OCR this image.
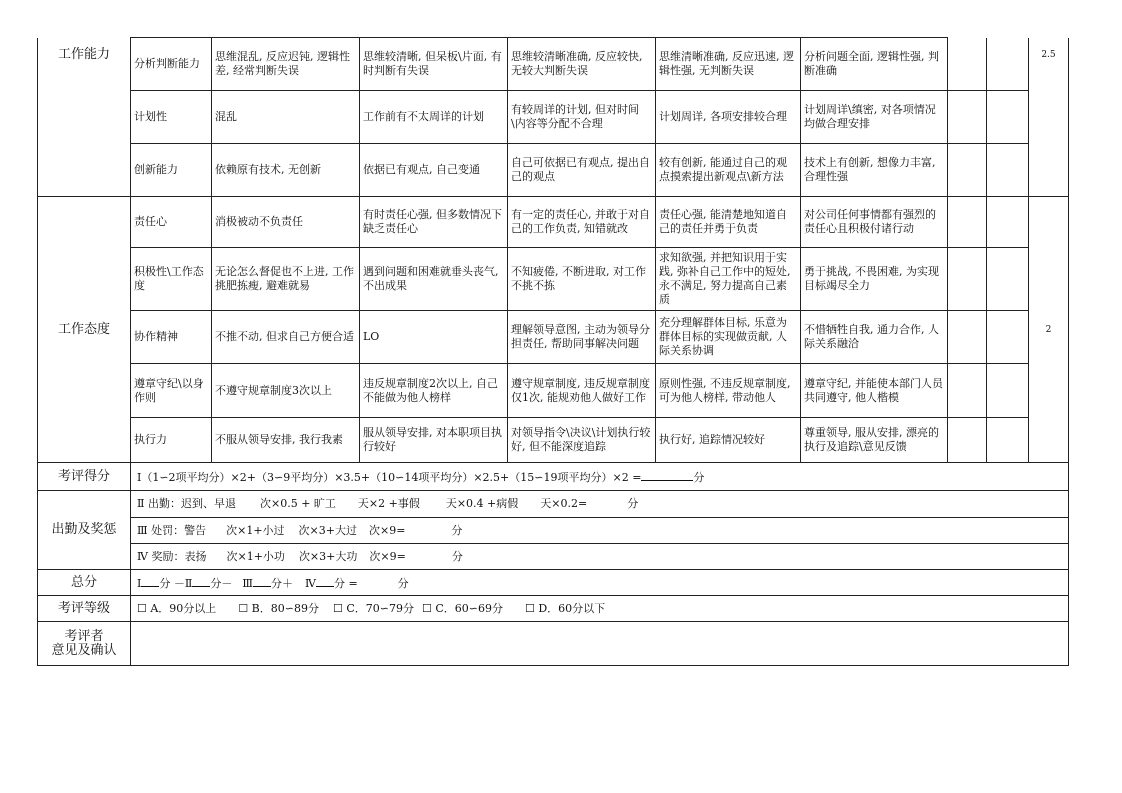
工作能力	分析判断能力	思维混乱, 反应迟钝, 逻辑性差, 经常判断失误	思维较清晰, 但呆板\片面, 有时判断有失误	思维较清晰准确, 反应较快, 无较大判断失误	思维清晰准确, 反应迅速, 逻辑性强, 无判断失误	分析问题全面, 逻辑性强, 判断准确			2.5
	计划性	混乱	工作前有不太周详的计划	有较周详的计划, 但对时间\内容等分配不合理	计划周详, 各项安排较合理	计划周详\缜密, 对各项情况均做合理安排			
	创新能力	依赖原有技术, 无创新	依据已有观点, 自己变通	自己可依据已有观点, 提出自己的观点	较有创新, 能通过自己的观点摸索提出新观点\新方法	技术上有创新, 想像力丰富, 合理性强			
工作态度	责任心	消极被动不负责任	有时责任心强, 但多数情况下缺乏责任心	有一定的责任心, 并敢于对自己的工作负责, 知错就改	责任心强, 能清楚地知道自己的责任并勇于负责	对公司任何事情都有强烈的责任心且积极付诸行动			2
	积极性\工作态度	无论怎么督促也不上进, 工作挑肥拣瘦, 避难就易	遇到问题和困难就垂头丧气, 不出成果	不知疲倦, 不断进取, 对工作不挑不拣	求知欲强, 并把知识用于实践, 弥补自己工作中的短处, 永不满足, 努力提高自己素质	勇于挑战, 不畏困难, 为实现目标竭尽全力			
	协作精神	不推不动, 但求自己方便合适	LO	理解领导意图, 主动为领导分担责任, 帮助同事解决问题	充分理解群体目标, 乐意为群体目标的实现做贡献, 人际关系协调	不惜牺牲自我, 通力合作, 人际关系融洽			
	遵章守纪\以身作则	不遵守规章制度3次以上	违反规章制度2次以上, 自己不能做为他人榜样	遵守规章制度, 违反规章制度仅1次, 能规劝他人做好工作	原则性强, 不违反规章制度, 可为他人榜样, 带动他人	遵章守纪, 并能使本部门人员共同遵守, 他人楷模			
	执行力	不服从领导安排, 我行我素	服从领导安排, 对本职项目执行较好	对领导指令\决议\计划执行较好, 但不能深度追踪	执行好, 追踪情况较好	尊重领导, 服从安排, 漂亮的执行及追踪\意见反馈			
考评得分	Ⅰ（1∽2项平均分）×2+（3∽9平均分）×3.5+（10∽14项平均分）×2.5+（15∽19项平均分）×2 = 分								
出勤及奖惩	Ⅱ 出勤：迟到、早退 次×0.5 + 旷工 天×2 +事假 天×0.4 +病假 天×0.2= 分								
	Ⅲ 处罚：警告 次×1+小过 次×3+大过 次×9= 分								
	Ⅳ 奖励：表扬 次×1+小功 次×3+大功 次×9= 分								
总分	Ⅰ 分 －Ⅱ 分－ Ⅲ 分＋ Ⅳ 分 = 分								
考评等级	☐ A．90分以上 ☐ B．80∽89分 ☐ C．70∽79分 ☐ C．60∽69分 ☐ D．60分以下								

考评者
意见及确认									
